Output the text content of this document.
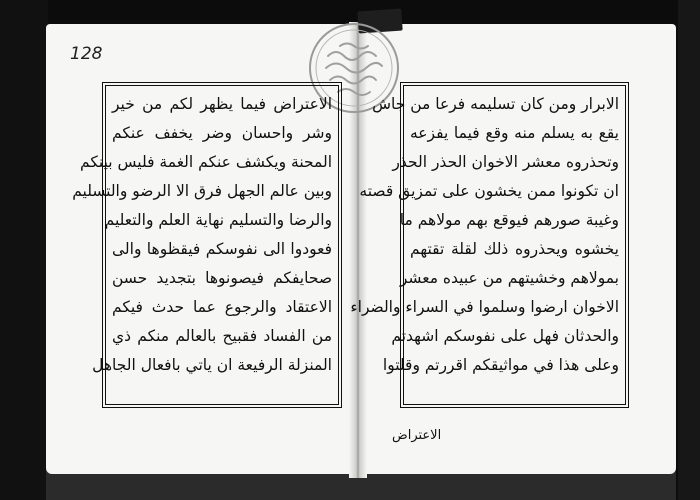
128
الاعتراض فيما يظهر لكم من خير
وشر واحسان وضر يخفف عنكم
المحنة ويكشف عنكم الغمة فليس بينكم
وبين عالم الجهل فرق الا الرضو والتسليم
والرضا والتسليم نهاية العلم والتعليم
فعودوا الى نفوسكم فيقظوها والى
صحايفكم فيصونوها بتجديد حسن
الاعتقاد والرجوع عما حدث فيكم
من الفساد فقبيح بالعالم منكم ذي
المنزلة الرفيعة ان ياتي بافعال الجاهل
الابرار ومن كان تسليمه فرعا من جاش
يقع به يسلم منه وقع فيما يفزعه
وتحذروه معشر الاخوان الحذر الحذر
ان تكونوا ممن يخشون على تمزيق قصته
وغيبة صورهم فيوقع بهم مولاهم ما
يخشوه ويحذروه ذلك لقلة تقتهم
بمولاهم وخشيتهم من عبيده معشر
الاخوان ارضوا وسلموا في السراء والضراء
والحدثان فهل على نفوسكم اشهدتم
وعلى هذا في مواثيقكم اقررتم وقلتوا
الاعتراض
